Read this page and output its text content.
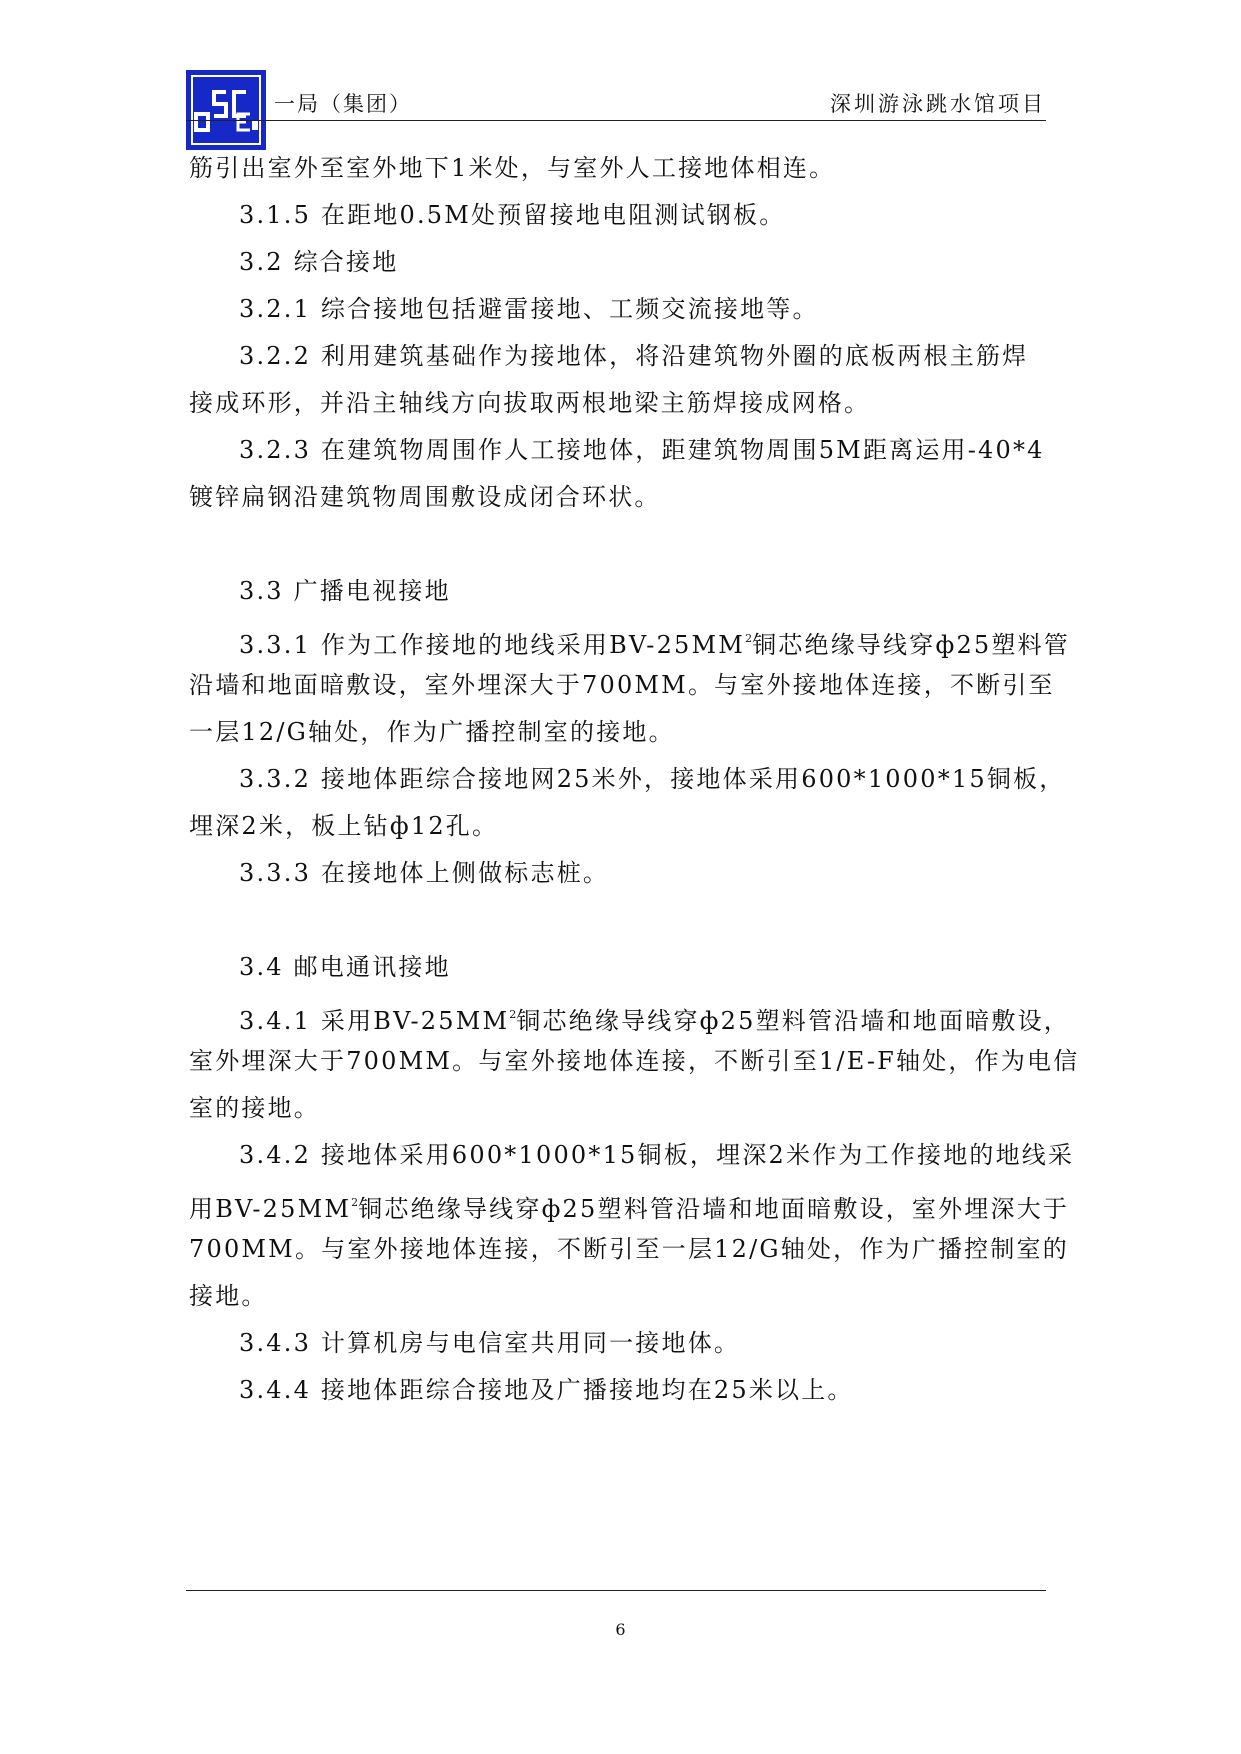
一局（集团）	深圳游泳跳水馆项目

筋引出室外至室外地下1米处，与室外人工接地体相连。

3.1.5 在距地0.5M处预留接地电阻测试钢板。

3.2 综合接地

3.2.1 综合接地包括避雷接地、工频交流接地等。

3.2.2 利用建筑基础作为接地体，将沿建筑物外圈的底板两根主筋焊
接成环形，并沿主轴线方向拔取两根地梁主筋焊接成网格。

3.2.3 在建筑物周围作人工接地体，距建筑物周围5M距离运用-40*4
镀锌扁钢沿建筑物周围敷设成闭合环状。

3.3 广播电视接地

3.3.1 作为工作接地的地线采用$BV-25MM^2$铜芯绝缘导线穿ф25塑料管
沿墙和地面暗敷设，室外埋深大于700MM。与室外接地体连接，不断引至
一层12/G轴处，作为广播控制室的接地。

3.3.2 接地体距综合接地网25米外，接地体采用600*1000*15铜板，
埋深2米，板上钻ф12孔。

3.3.3 在接地体上侧做标志桩。

3.4 邮电通讯接地

3.4.1 采用$BV-25MM^2$铜芯绝缘导线穿ф25塑料管沿墙和地面暗敷设，
室外埋深大于700MM。与室外接地体连接，不断引至1/E-F轴处，作为电信
室的接地。

3.4.2 接地体采用600*1000*15铜板，埋深2米作为工作接地的地线采
用$BV-25MM^2$铜芯绝缘导线穿ф25塑料管沿墙和地面暗敷设，室外埋深大于
700MM。与室外接地体连接，不断引至一层12/G轴处，作为广播控制室的
接地。

3.4.3 计算机房与电信室共用同一接地体。

3.4.4 接地体距综合接地及广播接地均在25米以上。

6
